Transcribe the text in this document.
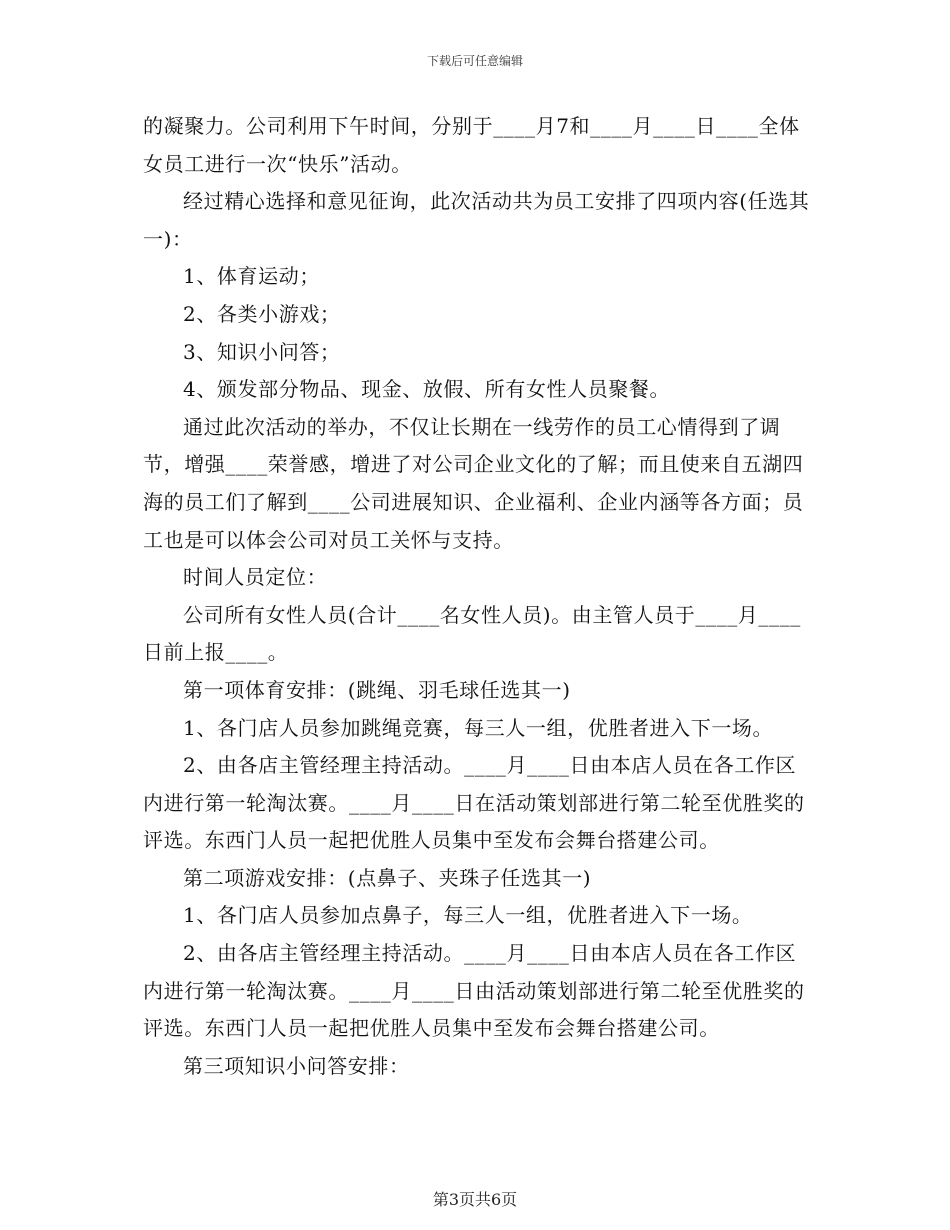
下载后可任意编辑

的凝聚力。公司利用下午时间，分别于____月7和____月____日____全体女员工进行一次“快乐”活动。

经过精心选择和意见征询，此次活动共为员工安排了四项内容(任选其一)：

1、体育运动；

2、各类小游戏；

3、知识小问答；

4、颁发部分物品、现金、放假、所有女性人员聚餐。

通过此次活动的举办，不仅让长期在一线劳作的员工心情得到了调节，增强____荣誉感，增进了对公司企业文化的了解；而且使来自五湖四海的员工们了解到____公司进展知识、企业福利、企业内涵等各方面；员工也是可以体会公司对员工关怀与支持。

时间人员定位：

公司所有女性人员(合计____名女性人员)。由主管人员于____月____日前上报____。

第一项体育安排：(跳绳、羽毛球任选其一)

1、各门店人员参加跳绳竞赛，每三人一组，优胜者进入下一场。

2、由各店主管经理主持活动。____月____日由本店人员在各工作区内进行第一轮淘汰赛。____月____日在活动策划部进行第二轮至优胜奖的评选。东西门人员一起把优胜人员集中至发布会舞台搭建公司。

第二项游戏安排：(点鼻子、夹珠子任选其一)

1、各门店人员参加点鼻子，每三人一组，优胜者进入下一场。

2、由各店主管经理主持活动。____月____日由本店人员在各工作区内进行第一轮淘汰赛。____月____日由活动策划部进行第二轮至优胜奖的评选。东西门人员一起把优胜人员集中至发布会舞台搭建公司。

第三项知识小问答安排：

第3页共6页
